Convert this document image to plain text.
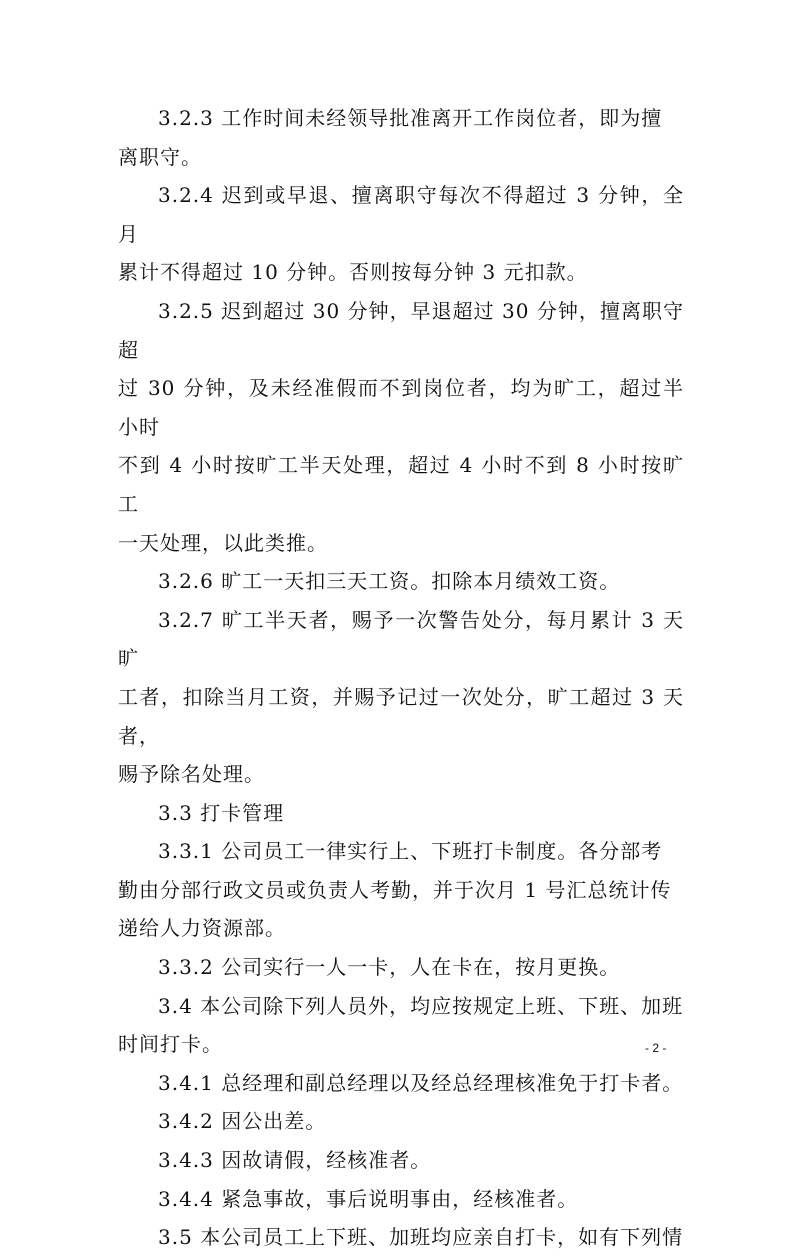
3.2.3 工作时间未经领导批准离开工作岗位者，即为擅
离职守。

3.2.4 迟到或早退、擅离职守每次不得超过 3 分钟，全月
累计不得超过 10 分钟。否则按每分钟 3 元扣款。

3.2.5 迟到超过 30 分钟，早退超过 30 分钟，擅离职守超
过 30 分钟，及未经准假而不到岗位者，均为旷工，超过半小时
不到 4 小时按旷工半天处理，超过 4 小时不到 8 小时按旷工
一天处理，以此类推。

3.2.6 旷工一天扣三天工资。扣除本月绩效工资。

3.2.7 旷工半天者，赐予一次警告处分，每月累计 3 天旷
工者，扣除当月工资，并赐予记过一次处分，旷工超过 3 天者，
赐予除名处理。

3.3 打卡管理

3.3.1 公司员工一律实行上、下班打卡制度。各分部考
勤由分部行政文员或负责人考勤，并于次月 1 号汇总统计传
递给人力资源部。

3.3.2 公司实行一人一卡，人在卡在，按月更换。

3.4 本公司除下列人员外，均应按规定上班、下班、加班
时间打卡。

3.4.1 总经理和副总经理以及经总经理核准免于打卡者。

3.4.2 因公出差。

3.4.3 因故请假，经核准者。

3.4.4 紧急事故，事后说明事由，经核准者。

3.5 本公司员工上下班、加班均应亲自打卡，如有下列情

- 2 -
